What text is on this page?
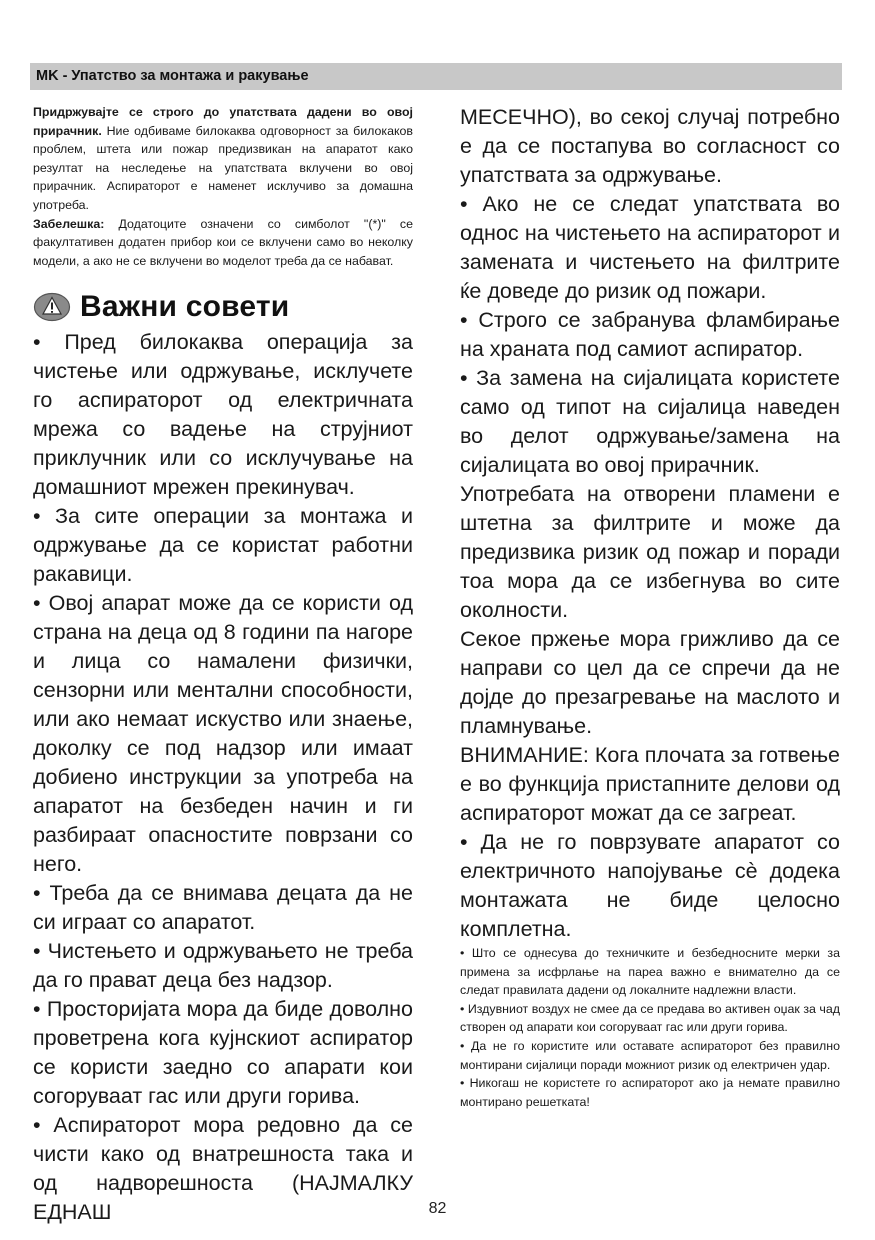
MK - Упатство за монтажа и ракување

Придржувајте се строго до упатствата дадени во овој прирачник. Ние одбиваме билокаква одговорност за билокаков проблем, штета или пожар предизвикан на апаратот како резултат на неследење на упатствата вклучени во овој прирачник. Аспираторот е наменет исклучиво за домашна употреба.

Забелешка: Додатоците означени со симболот "(*)" се факултативен додатен прибор кои се вклучени само во неколку модели, а ако не се вклучени во моделот треба да се набават.

Важни совети

• Пред билокаква операција за чистење или одржување, исклучете го аспираторот од електричната мрежа со вадење на струјниот приклучник или со исклучување на домашниот мрежен прекинувач.

• За сите операции за монтажа и одржување да се користат работни ракавици.

• Овој апарат може да се користи од страна на деца од 8 години па нагоре и лица со намалени физички, сензорни или ментални способности, или ако немаат искуство или знаење, доколку се под надзор или имаат добиено инструкции за употреба на апаратот на безбеден начин и ги разбираат опасностите поврзани со него.

• Треба да се внимава децата да не си играат со апаратот.

• Чистењето и одржувањето не треба да го прават деца без надзор.

• Просторијата мора да биде доволно проветрена кога кујнскиот аспиратор се користи заедно со апарати кои согоруваат гас или други горива.

• Аспираторот мора редовно да се чисти како од внатрешноста така и од надворешноста (НАЈМАЛКУ ЕДНАШ

МЕСЕЧНО), во секој случај потребно е да се постапува во согласност со упатствата за одржување.

• Ако не се следат упатствата во однос на чистењето на аспираторот и замената и чистењето на филтрите ќе доведе до ризик од пожари.

• Строго се забранува фламбирање на храната под самиот аспиратор.

• За замена на сијалицата користете само од типот на сијалица наведен во делот одржување/замена на сијалицата во овој прирачник.

Употребата на отворени пламени е штетна за филтрите и може да предизвика ризик од пожар и поради тоа мора да се избегнува во сите околности.

Секое пржење мора грижливо да се направи со цел да се спречи да не дојде до презагревање на маслото и пламнување.

ВНИМАНИЕ: Кога плочата за готвење е во функција пристапните делови од аспираторот можат да се загреат.

• Да не го поврзувате апаратот со електричното напојување сè додека монтажата не биде целосно комплетна.

• Што се однесува до техничките и безбедносните мерки за примена за исфрлање на пареа важно е внимателно да се следат правилата дадени од локалните надлежни власти.

• Издувниот воздух не смее да се предава во активен оџак за чад створен од апарати кои согоруваат гас или други горива.

• Да не го користите или оставате аспираторот без правилно монтирани сијалици поради можниот ризик од електричен удар.

• Никогаш не користете го аспираторот ако ја немате правилно монтирано решетката!

82
